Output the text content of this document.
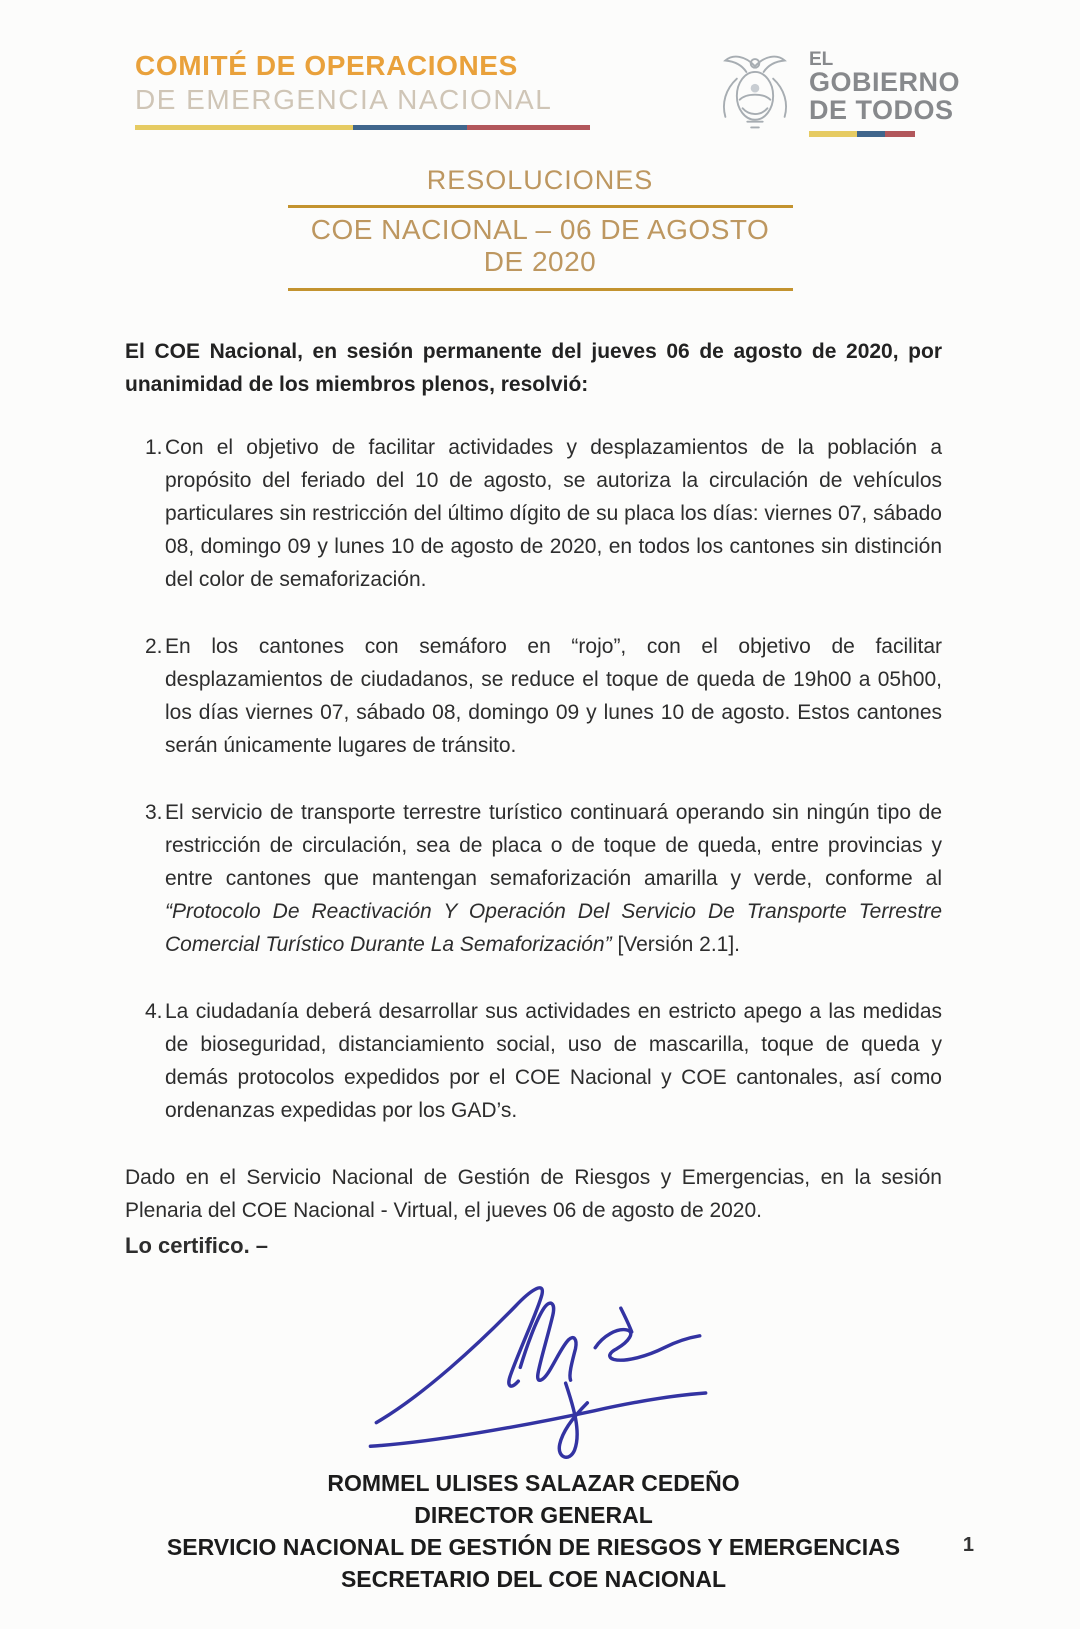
COMITÉ DE OPERACIONES
DE EMERGENCIA NACIONAL
EL
GOBIERNO
DE TODOS
RESOLUCIONES
COE NACIONAL – 06 DE AGOSTO DE 2020

El COE Nacional, en sesión permanente del jueves 06 de agosto de 2020, por unanimidad de los miembros plenos, resolvió:

1. Con el objetivo de facilitar actividades y desplazamientos de la población a propósito del feriado del 10 de agosto, se autoriza la circulación de vehículos particulares sin restricción del último dígito de su placa los días: viernes 07, sábado 08, domingo 09 y lunes 10 de agosto de 2020, en todos los cantones sin distinción del color de semaforización.

2. En los cantones con semáforo en “rojo”, con el objetivo de facilitar desplazamientos de ciudadanos, se reduce el toque de queda de 19h00 a 05h00, los días viernes 07, sábado 08, domingo 09 y lunes 10 de agosto. Estos cantones serán únicamente lugares de tránsito.

3. El servicio de transporte terrestre turístico continuará operando sin ningún tipo de restricción de circulación, sea de placa o de toque de queda, entre provincias y entre cantones que mantengan semaforización amarilla y verde, conforme al “Protocolo De Reactivación Y Operación Del Servicio De Transporte Terrestre Comercial Turístico Durante La Semaforización” [Versión 2.1].

4. La ciudadanía deberá desarrollar sus actividades en estricto apego a las medidas de bioseguridad, distanciamiento social, uso de mascarilla, toque de queda y demás protocolos expedidos por el COE Nacional y COE cantonales, así como ordenanzas expedidas por los GAD’s.

Dado en el Servicio Nacional de Gestión de Riesgos y Emergencias, en la sesión Plenaria del COE Nacional - Virtual, el jueves 06 de agosto de 2020.

Lo certifico. –

ROMMEL ULISES SALAZAR CEDEÑO
DIRECTOR GENERAL
SERVICIO NACIONAL DE GESTIÓN DE RIESGOS Y EMERGENCIAS
SECRETARIO DEL COE NACIONAL
1
